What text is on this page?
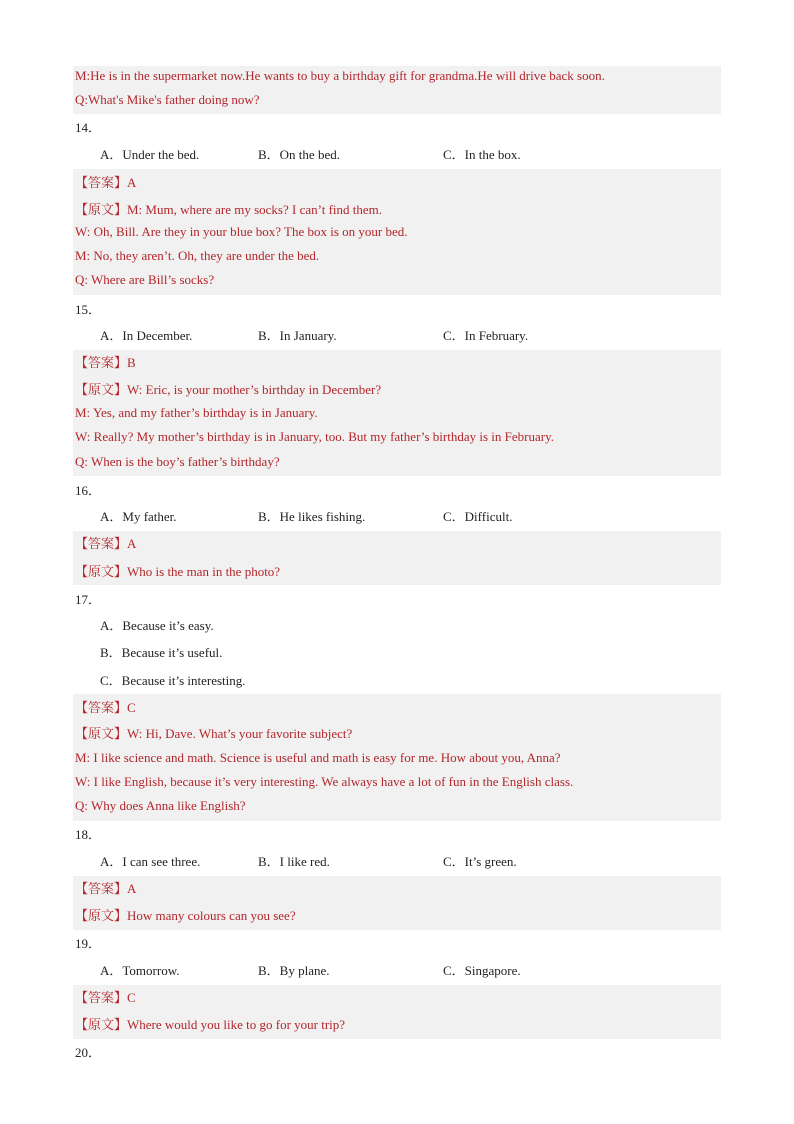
M:He is in the supermarket now.He wants to buy a birthday gift for grandma.He will drive back soon.
Q:What's Mike's father doing now?
14．
A．Under the bed.	B．On the bed.	C．In the box.
【答案】A
【原文】M: Mum, where are my socks? I can’t find them.
W: Oh, Bill. Are they in your blue box? The box is on your bed.
M: No, they aren’t. Oh, they are under the bed.
Q: Where are Bill’s socks?
15．
A．In December.	B．In January.	C．In February.
【答案】B
【原文】W: Eric, is your mother’s birthday in December?
M: Yes, and my father’s birthday is in January.
W: Really? My mother’s birthday is in January, too. But my father’s birthday is in February.
Q: When is the boy’s father’s birthday?
16．
A．My father.	B．He likes fishing.	C．Difficult.
【答案】A
【原文】Who is the man in the photo?
17．
A．Because it’s easy.
B．Because it’s useful.
C．Because it’s interesting.
【答案】C
【原文】W: Hi, Dave. What’s your favorite subject?
M: I like science and math. Science is useful and math is easy for me. How about you, Anna?
W: I like English, because it’s very interesting. We always have a lot of fun in the English class.
Q: Why does Anna like English?
18．
A．I can see three.	B．I like red.	C．It’s green.
【答案】A
【原文】How many colours can you see?
19．
A．Tomorrow.	B．By plane.	C．Singapore.
【答案】C
【原文】Where would you like to go for your trip?
20．
